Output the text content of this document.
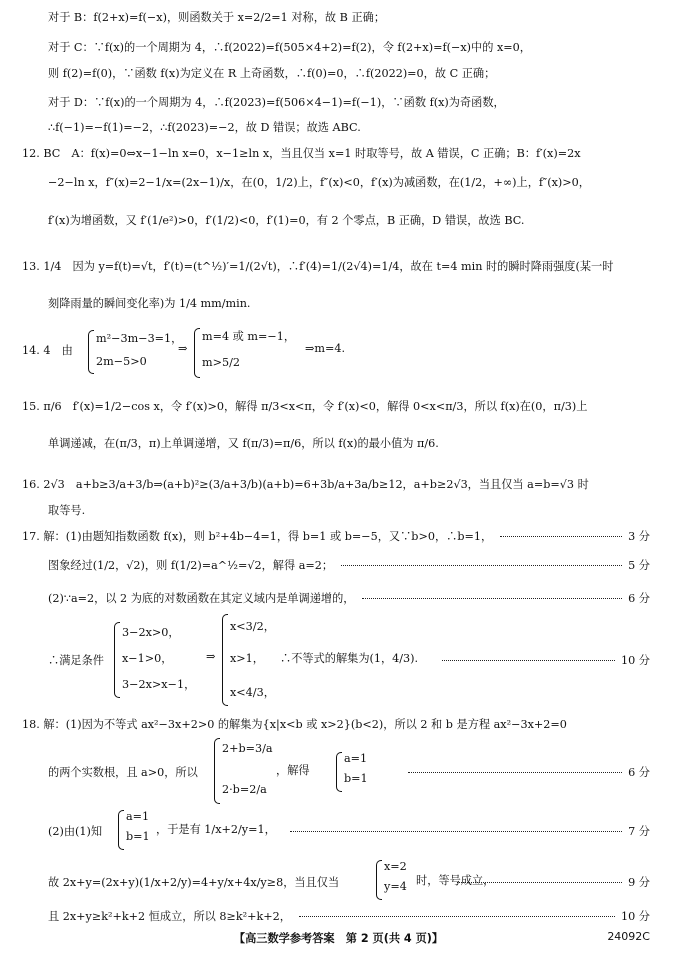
对于 B：f(2+x)=f(−x)，则函数关于 x=2/2=1 对称，故 B 正确；
对于 C：∵f(x)的一个周期为 4，∴f(2022)=f(505×4+2)=f(2)，令 f(2+x)=f(−x)中的 x=0，
则 f(2)=f(0)，∵函数 f(x)为定义在 R 上奇函数，∴f(0)=0，∴f(2022)=0，故 C 正确；
对于 D：∵f(x)的一个周期为 4，∴f(2023)=f(506×4−1)=f(−1)，∵函数 f(x)为奇函数，
∴f(−1)=−f(1)=−2，∴f(2023)=−2，故 D 错误；故选 ABC.
12. BC　A：f(x)=0⇔x−1−ln x=0，x−1≥ln x，当且仅当 x=1 时取等号，故 A 错误，C 正确；B：f′(x)=2x
−2−ln x，f″(x)=2−1/x=(2x−1)/x，在(0，1/2)上，f″(x)<0，f′(x)为减函数，在(1/2，+∞)上，f″(x)>0，
f′(x)为增函数，又 f′(1/e²)>0，f′(1/2)<0，f′(1)=0，有 2 个零点，B 正确，D 错误，故选 BC.
13. 1/4　因为 y=f(t)=√t，f′(t)=(t^½)′=1/(2√t)，∴f′(4)=1/(2√4)=1/4，故在 t=4 min 时的瞬时降雨强度(某一时
刻降雨量的瞬间变化率)为 1/4 mm/min.
14. 4　由
m²−3m−3=1，
2m−5>0
⇒
m=4 或 m=−1，
m>5/2
⇒m=4.
15. π/6　f′(x)=1/2−cos x，令 f′(x)>0，解得 π/3<x<π，令 f′(x)<0，解得 0<x<π/3，所以 f(x)在(0，π/3)上
单调递减，在(π/3，π)上单调递增，又 f(π/3)=π/6，所以 f(x)的最小值为 π/6.
16. 2√3　a+b≥3/a+3/b⇒(a+b)²≥(3/a+3/b)(a+b)=6+3b/a+3a/b≥12，a+b≥2√3，当且仅当 a=b=√3 时
取等号.
17. 解：(1)由题知指数函数 f(x)，则 b²+4b−4=1，得 b=1 或 b=−5，又∵b>0，∴b=1，	3 分
图象经过(1/2，√2)，则 f(1/2)=a^½=√2，解得 a=2；	5 分
(2)∵a=2，以 2 为底的对数函数在其定义域内是单调递增的，	6 分
∴满足条件	10 分
3−2x>0，
x−1>0，
3−2x>x−1，
⇒
x<3/2，
x>1，
x<4/3，
∴不等式的解集为(1，4/3).
18. 解：(1)因为不等式 ax²−3x+2>0 的解集为{x|x<b 或 x>2}(b<2)，所以 2 和 b 是方程 ax²−3x+2=0
的两个实数根，且 a>0，所以	6 分
2+b=3/a
2·b=2/a
，解得
a=1
b=1
(2)由(1)知	7 分
a=1
b=1
，于是有 1/x+2/y=1，
故 2x+y=(2x+y)(1/x+2/y)=4+y/x+4x/y≥8，当且仅当	9 分
x=2
y=4 时，等号成立，
且 2x+y≥k²+k+2 恒成立，所以 8≥k²+k+2，	10 分
【高三数学参考答案　第 2 页(共 4 页)】	24092C
